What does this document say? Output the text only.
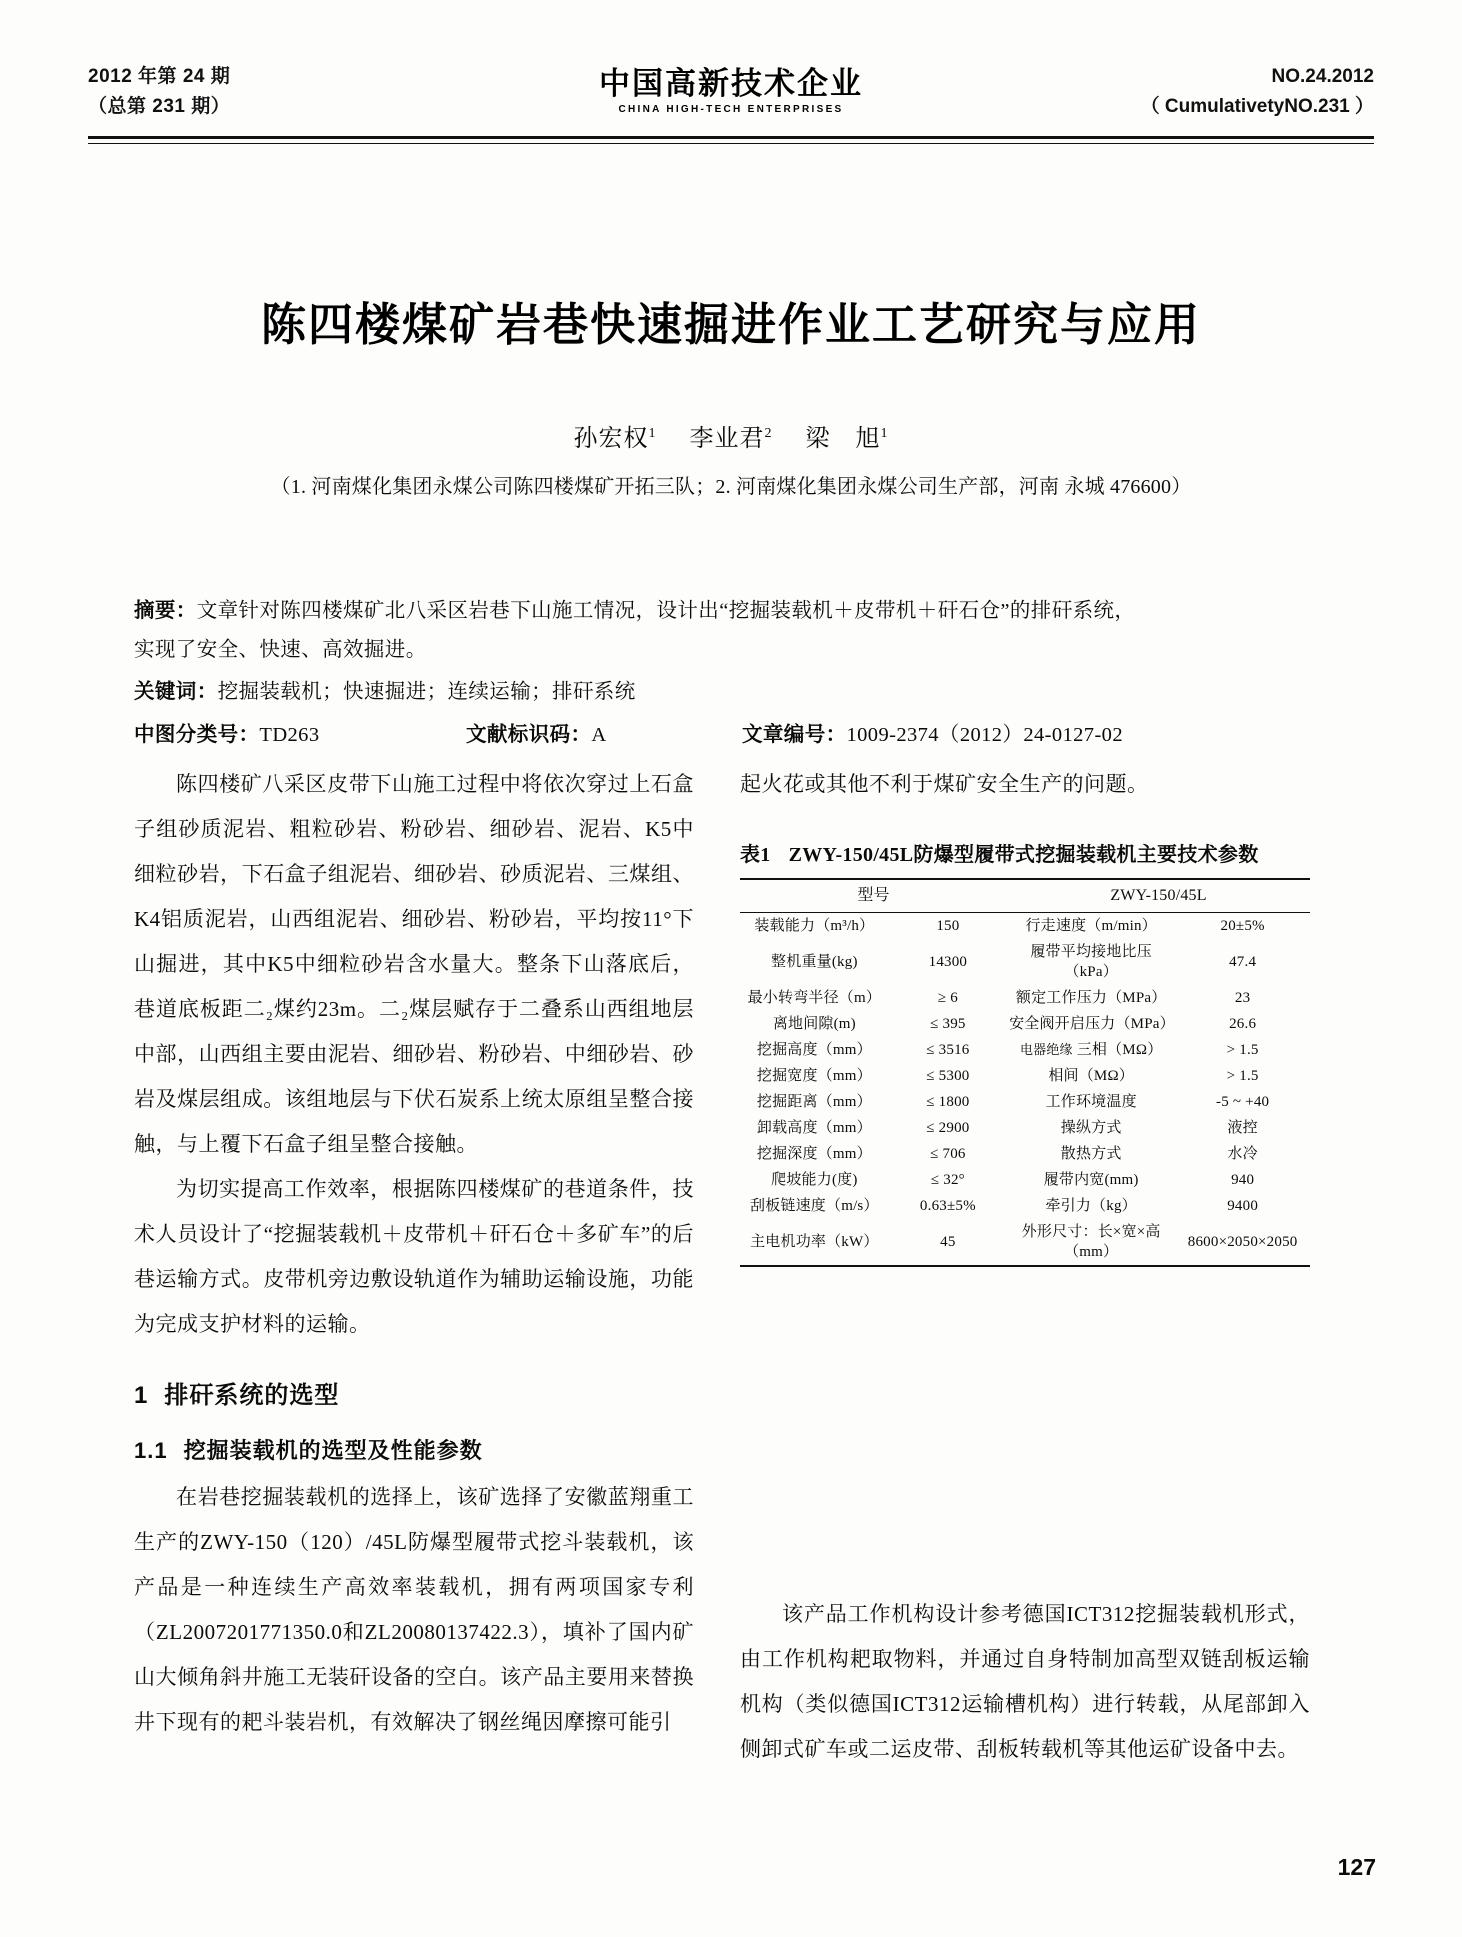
2012 年第 24 期
（总第 231 期）
中国高新技术企业
CHINA HIGH-TECH ENTERPRISES
NO.24.2012
（ CumulativetyNO.231 ）
陈四楼煤矿岩巷快速掘进作业工艺研究与应用
孙宏权$^1$ 李业君$^2$ 梁　旭$^1$
（1. 河南煤化集团永煤公司陈四楼煤矿开拓三队；2. 河南煤化集团永煤公司生产部，河南 永城 476600）
摘要：文章针对陈四楼煤矿北八采区岩巷下山施工情况，设计出“挖掘装载机＋皮带机＋矸石仓”的排矸系统，
实现了安全、快速、高效掘进。
关键词：挖掘装载机；快速掘进；连续运输；排矸系统
中图分类号：TD263	文献标识码：A	文章编号：1009-2374（2012）24-0127-02

陈四楼矿八采区皮带下山施工过程中将依次穿过上石盒子组砂质泥岩、粗粒砂岩、粉砂岩、细砂岩、泥岩、K5中细粒砂岩，下石盒子组泥岩、细砂岩、砂质泥岩、三煤组、K4铝质泥岩，山西组泥岩、细砂岩、粉砂岩，平均按11°下山掘进，其中K5中细粒砂岩含水量大。整条下山落底后，巷道底板距二₂煤约23m。二₂煤层赋存于二叠系山西组地层中部，山西组主要由泥岩、细砂岩、粉砂岩、中细砂岩、砂岩及煤层组成。该组地层与下伏石炭系上统太原组呈整合接触，与上覆下石盒子组呈整合接触。

为切实提高工作效率，根据陈四楼煤矿的巷道条件，技术人员设计了“挖掘装载机＋皮带机＋矸石仓＋多矿车”的后巷运输方式。皮带机旁边敷设轨道作为辅助运输设施，功能为完成支护材料的运输。

1 排矸系统的选型
1.1 挖掘装载机的选型及性能参数

在岩巷挖掘装载机的选择上，该矿选择了安徽蓝翔重工生产的ZWY-150（120）/45L防爆型履带式挖斗装载机，该产品是一种连续生产高效率装载机，拥有两项国家专利（ZL2007201771350.0和ZL20080137422.3），填补了国内矿山大倾角斜井施工无装矸设备的空白。该产品主要用来替换井下现有的耙斗装岩机，有效解决了钢丝绳因摩擦可能引

起火花或其他不利于煤矿安全生产的问题。

表1 ZWY-150/45L防爆型履带式挖掘装载机主要技术参数
型号		ZWY-150/45L	
装载能力（m³/h）	150	行走速度（m/min）	20±5%
整机重量(kg)	14300	履带平均接地比压（kPa）	47.4
最小转弯半径（m）	≥ 6	额定工作压力（MPa）	23
离地间隙(m)	≤ 395	安全阀开启压力（MPa）	26.6
挖掘高度（mm）	≤ 3516	电器绝缘 三相（MΩ）	> 1.5
挖掘宽度（mm）	≤ 5300	相间（MΩ）	> 1.5
挖掘距离（mm）	≤ 1800	工作环境温度	-5 ~ +40
卸载高度（mm）	≤ 2900	操纵方式	液控
挖掘深度（mm）	≤ 706	散热方式	水冷
爬坡能力(度)	≤ 32°	履带内宽(mm)	940
刮板链速度（m/s）	0.63±5%	牵引力（kg）	9400
主电机功率（kW）	45	外形尺寸：长×宽×高（mm）	8600×2050×2050

该产品工作机构设计参考德国ICT312挖掘装载机形式，由工作机构耙取物料，并通过自身特制加高型双链刮板运输机构（类似德国ICT312运输槽机构）进行转载，从尾部卸入侧卸式矿车或二运皮带、刮板转载机等其他运矿设备中去。

127
